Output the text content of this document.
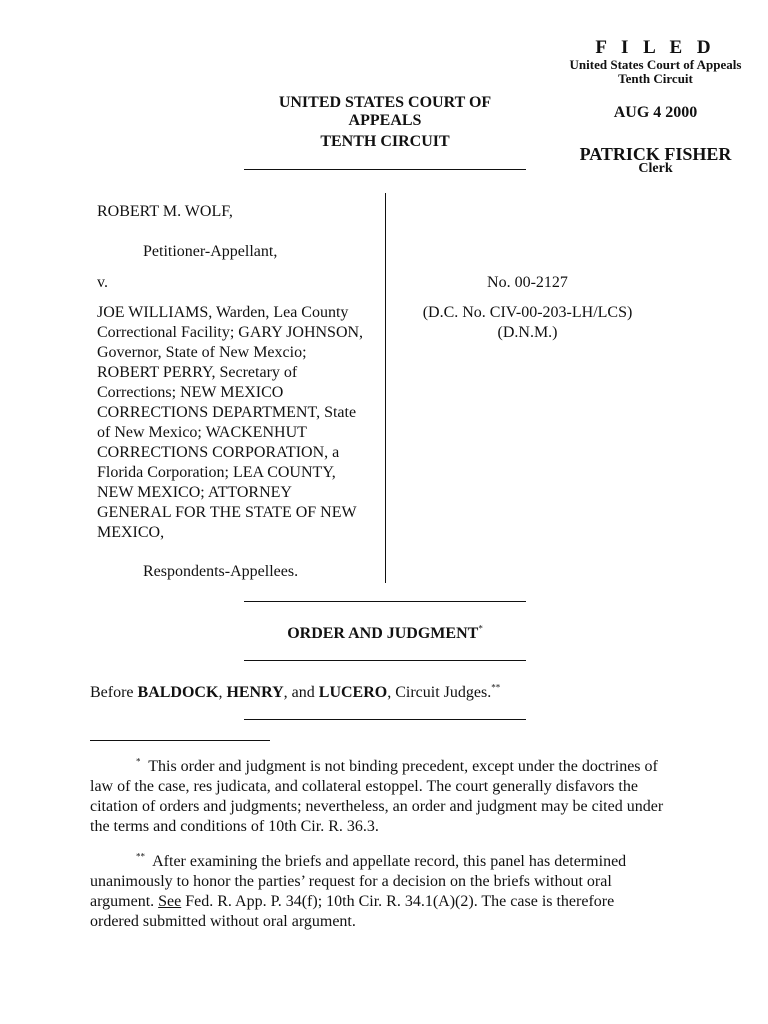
F I L E D
United States Court of Appeals
Tenth Circuit
AUG 4 2000
PATRICK FISHER
Clerk
UNITED STATES COURT OF APPEALS
TENTH CIRCUIT
ROBERT M. WOLF,
Petitioner-Appellant,
v.
JOE WILLIAMS, Warden, Lea County
Correctional Facility; GARY JOHNSON,
Governor, State of New Mexcio;
ROBERT PERRY, Secretary of
Corrections; NEW MEXICO
CORRECTIONS DEPARTMENT, State
of New Mexico; WACKENHUT
CORRECTIONS CORPORATION, a
Florida Corporation; LEA COUNTY,
NEW MEXICO; ATTORNEY
GENERAL FOR THE STATE OF NEW
MEXICO,
Respondents-Appellees.
No. 00-2127
(D.C. No. CIV-00-203-LH/LCS)
(D.N.M.)
ORDER AND JUDGMENT*
Before BALDOCK, HENRY, and LUCERO, Circuit Judges.**
* This order and judgment is not binding precedent, except under the doctrines of
law of the case, res judicata, and collateral estoppel. The court generally disfavors the
citation of orders and judgments; nevertheless, an order and judgment may be cited under
the terms and conditions of 10th Cir. R. 36.3.
** After examining the briefs and appellate record, this panel has determined
unanimously to honor the parties’ request for a decision on the briefs without oral
argument. See Fed. R. App. P. 34(f); 10th Cir. R. 34.1(A)(2). The case is therefore
ordered submitted without oral argument.
